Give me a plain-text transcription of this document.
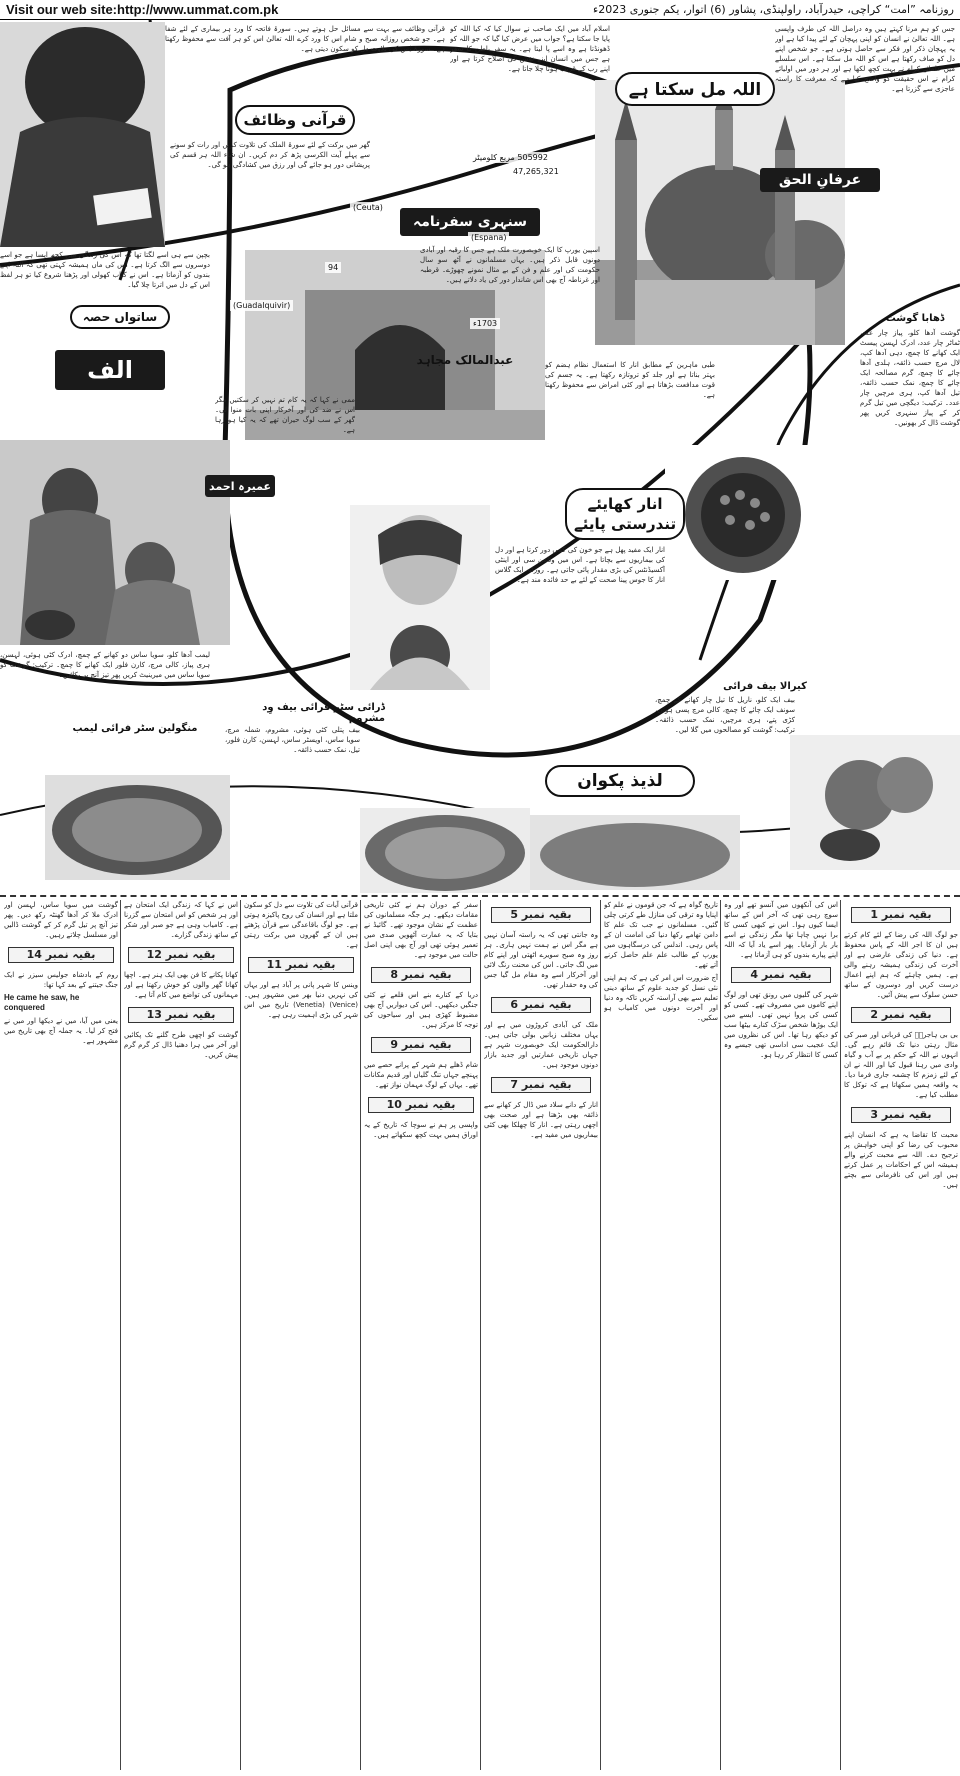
Visit our web site:http://www.ummat.com.pk	روزنامہ ”امت“ کراچی، حیدرآباد، راولپنڈی، پشاور (6) اتوار، یکم جنوری 2023ء
اللہ مل سکتا ہے
عرفانِ الحق
قرآنی وظائف
سنہری سفرنامہ
عبدالمالک مجاہد
الف
ساتواں حصہ
عمیرہ احمد
انار کھایئے
تندرستی پایئے
لذیذ پکوان
ڈھابا گوشت
کیرالا بیف فرائی
منگولین سٹر فرائی لیمب
ڈرائی سٹر فرائی بیف وِد مشروم
505992 مربع کلومیٹر
47,265,321
1703ء
94
(Ceuta)
(Espana)
(Guadalquivir)

جس کو ہم مرنا کہتے ہیں وہ دراصل اللہ کی طرف واپسی ہے۔ اللہ تعالیٰ نے انسان کو اپنی پہچان کے لئے پیدا کیا ہے اور یہ پہچان ذکر اور فکر سے حاصل ہوتی ہے۔ جو شخص اپنے دل کو صاف رکھتا ہے اس کو اللہ مل سکتا ہے۔ اس سلسلے میں علمائے کرام نے بہت کچھ لکھا ہے اور ہر دور میں اولیائے کرام نے اس حقیقت کو واضح کیا ہے کہ معرفت کا راستہ عاجزی سے گزرتا ہے۔

اسلام آباد میں ایک صاحب نے سوال کیا کہ کیا اللہ کو پایا جا سکتا ہے؟ جواب میں عرض کیا گیا کہ جو اللہ کو ڈھونڈتا ہے وہ اسے پا لیتا ہے۔ یہ سفر باطن کا سفر ہے جس میں انسان اپنے نفس کی اصلاح کرتا ہے اور اپنے رب کے قریب ہوتا چلا جاتا ہے۔

قرآنی وظائف سے بہت سے مسائل حل ہوتے ہیں۔ سورۃ فاتحہ کا ورد ہر بیماری کے لئے شفا ہے۔ جو شخص روزانہ صبح و شام اس کا ورد کرے اللہ تعالیٰ اس کو ہر آفت سے محفوظ رکھتا ہے۔ سورۃ یٰس کی تلاوت دل کو سکون دیتی ہے۔

گھر میں برکت کے لئے سورۃ الملک کی تلاوت کریں اور رات کو سونے سے پہلے آیت الکرسی پڑھ کر دم کریں۔ ان شاء اللہ ہر قسم کی پریشانی دور ہو جائے گی اور رزق میں کشادگی ہو گی۔

اسپین یورپ کا ایک خوبصورت ملک ہے جس کا رقبہ اور آبادی دونوں قابل ذکر ہیں۔ یہاں مسلمانوں نے آٹھ سو سال حکومت کی اور علم و فن کے بے مثال نمونے چھوڑے۔ قرطبہ اور غرناطہ آج بھی اس شاندار دور کی یاد دلاتے ہیں۔

بچپن سے ہی اسے لگتا تھا کہ اس کی زندگی میں کچھ ایسا ہے جو اسے دوسروں سے الگ کرتا ہے۔ اس کی ماں ہمیشہ کہتی تھی کہ اللہ اپنے بندوں کو آزماتا ہے۔ اس نے کتاب کھولی اور پڑھنا شروع کیا تو ہر لفظ اس کے دل میں اترتا چلا گیا۔

ممی نے کہا کہ یہ کام تم نہیں کر سکتیں مگر اس نے ضد کی اور آخرکار اپنی بات منوا لی۔ گھر کے سب لوگ حیران تھے کہ یہ کیا ہو رہا ہے۔

انار ایک مفید پھل ہے جو خون کی کمی دور کرتا ہے اور دل کی بیماریوں سے بچاتا ہے۔ اس میں وٹامن سی اور اینٹی آکسیڈنٹس کی بڑی مقدار پائی جاتی ہے۔ روزانہ ایک گلاس انار کا جوس پینا صحت کے لئے بے حد فائدہ مند ہے۔

طبی ماہرین کے مطابق انار کا استعمال نظام ہضم کو بہتر بناتا ہے اور جلد کو تروتازہ رکھتا ہے۔ یہ جسم کی قوت مدافعت بڑھاتا ہے اور کئی امراض سے محفوظ رکھتا ہے۔

گوشت آدھا کلو، پیاز چار عدد، ٹماٹر چار عدد، ادرک لہسن پیسٹ ایک کھانے کا چمچ، دہی آدھا کپ، لال مرچ حسب ذائقہ، ہلدی آدھا چائے کا چمچ، گرم مصالحہ ایک چائے کا چمچ، نمک حسب ذائقہ، تیل آدھا کپ، ہری مرچیں چار عدد۔ ترکیب: دیگچی میں تیل گرم کر کے پیاز سنہری کریں پھر گوشت ڈال کر بھونیں۔

بیف ایک کلو، ناریل کا تیل چار کھانے کے چمچ، سونف ایک چائے کا چمچ، کالی مرچ پسی ہوئی، کڑی پتے، ہری مرچیں، نمک حسب ذائقہ۔ ترکیب: گوشت کو مصالحوں میں گلا لیں۔

لیمب آدھا کلو، سویا ساس دو کھانے کے چمچ، ادرک کٹی ہوئی، لہسن، ہری پیاز، کالی مرچ، کارن فلور ایک کھانے کا چمچ۔ ترکیب: گوشت کو سویا ساس میں میرینیٹ کریں پھر تیز آنچ پر پکائیں۔

بیف پتلی کٹی ہوئی، مشروم، شملہ مرچ، سویا ساس، اویسٹر ساس، لہسن، کارن فلور، تیل، نمک حسب ذائقہ۔

بقیہ نمبر 1

جو لوگ اللہ کی رضا کے لئے کام کرتے ہیں ان کا اجر اللہ کے پاس محفوظ ہے۔ دنیا کی زندگی عارضی ہے اور آخرت کی زندگی ہمیشہ رہنے والی ہے۔ ہمیں چاہئے کہ ہم اپنے اعمال درست کریں اور دوسروں کے ساتھ حسن سلوک سے پیش آئیں۔

بقیہ نمبر 2

بی بی ہاجرہؑ کی قربانی اور صبر کی مثال رہتی دنیا تک قائم رہے گی۔ انہوں نے اللہ کے حکم پر بے آب و گیاہ وادی میں رہنا قبول کیا اور اللہ نے ان کے لئے زمزم کا چشمہ جاری فرما دیا۔ یہ واقعہ ہمیں سکھاتا ہے کہ توکل کا مطلب کیا ہے۔

بقیہ نمبر 3

محبت کا تقاضا یہ ہے کہ انسان اپنے محبوب کی رضا کو اپنی خواہش پر ترجیح دے۔ اللہ سے محبت کرنے والے ہمیشہ اس کے احکامات پر عمل کرتے ہیں اور اس کی نافرمانی سے بچتے ہیں۔

اس کی آنکھوں میں آنسو تھے اور وہ سوچ رہی تھی کہ آخر اس کے ساتھ ایسا کیوں ہوا۔ اس نے کبھی کسی کا برا نہیں چاہا تھا مگر زندگی نے اسے بار بار آزمایا۔ پھر اسے یاد آیا کہ اللہ اپنے پیارے بندوں کو ہی آزماتا ہے۔

بقیہ نمبر 4

شہر کی گلیوں میں رونق تھی اور لوگ اپنے کاموں میں مصروف تھے۔ کسی کو کسی کی پروا نہیں تھی۔ ایسے میں ایک بوڑھا شخص سڑک کنارے بیٹھا سب کو دیکھ رہا تھا۔ اس کی نظروں میں ایک عجیب سی اداسی تھی جیسے وہ کسی کا انتظار کر رہا ہو۔

تاریخ گواہ ہے کہ جن قوموں نے علم کو اپنایا وہ ترقی کی منازل طے کرتی چلی گئیں۔ مسلمانوں نے جب تک علم کا دامن تھامے رکھا دنیا کی امامت ان کے پاس رہی۔ اندلس کی درسگاہوں میں یورپ کے طالب علم علم حاصل کرنے آتے تھے۔

آج ضرورت اس امر کی ہے کہ ہم اپنی نئی نسل کو جدید علوم کے ساتھ دینی تعلیم سے بھی آراستہ کریں تاکہ وہ دنیا اور آخرت دونوں میں کامیاب ہو سکیں۔

بقیہ نمبر 5

وہ جانتی تھی کہ یہ راستہ آسان نہیں ہے مگر اس نے ہمت نہیں ہاری۔ ہر روز وہ صبح سویرے اٹھتی اور اپنے کام میں لگ جاتی۔ اس کی محنت رنگ لائی اور آخرکار اسے وہ مقام مل گیا جس کی وہ حقدار تھی۔

بقیہ نمبر 6

ملک کی آبادی کروڑوں میں ہے اور یہاں مختلف زبانیں بولی جاتی ہیں۔ دارالحکومت ایک خوبصورت شہر ہے جہاں تاریخی عمارتیں اور جدید بازار دونوں موجود ہیں۔

بقیہ نمبر 7

انار کے دانے سلاد میں ڈال کر کھانے سے ذائقہ بھی بڑھتا ہے اور صحت بھی اچھی رہتی ہے۔ انار کا چھلکا بھی کئی بیماریوں میں مفید ہے۔

سفر کے دوران ہم نے کئی تاریخی مقامات دیکھے۔ ہر جگہ مسلمانوں کی عظمت کے نشان موجود تھے۔ گائیڈ نے بتایا کہ یہ عمارت آٹھویں صدی میں تعمیر ہوئی تھی اور آج بھی اپنی اصل حالت میں موجود ہے۔

بقیہ نمبر 8

دریا کے کنارے بنے اس قلعے نے کئی جنگیں دیکھیں۔ اس کی دیواریں آج بھی مضبوط کھڑی ہیں اور سیاحوں کی توجہ کا مرکز ہیں۔

بقیہ نمبر 9

شام ڈھلے ہم شہر کے پرانے حصے میں پہنچے جہاں تنگ گلیاں اور قدیم مکانات تھے۔ یہاں کے لوگ مہمان نواز تھے۔

بقیہ نمبر 10

واپسی پر ہم نے سوچا کہ تاریخ کے یہ اوراق ہمیں بہت کچھ سکھاتے ہیں۔

قرآنی آیات کی تلاوت سے دل کو سکون ملتا ہے اور انسان کی روح پاکیزہ ہوتی ہے۔ جو لوگ باقاعدگی سے قرآن پڑھتے ہیں ان کے گھروں میں برکت رہتی ہے۔

بقیہ نمبر 11

وینس کا شہر پانی پر آباد ہے اور یہاں کی نہریں دنیا بھر میں مشہور ہیں۔ (Venice) (Venetia) تاریخ میں اس شہر کی بڑی اہمیت رہی ہے۔

اس نے کہا کہ زندگی ایک امتحان ہے اور ہر شخص کو اس امتحان سے گزرنا ہے۔ کامیاب وہی ہے جو صبر اور شکر کے ساتھ زندگی گزارے۔

بقیہ نمبر 12

کھانا پکانے کا فن بھی ایک ہنر ہے۔ اچھا کھانا گھر والوں کو خوش رکھتا ہے اور مہمانوں کی تواضع میں کام آتا ہے۔

بقیہ نمبر 13

گوشت کو اچھی طرح گلنے تک پکائیں اور آخر میں ہرا دھنیا ڈال کر گرم گرم پیش کریں۔

گوشت میں سویا ساس، لہسن اور ادرک ملا کر آدھا گھنٹہ رکھ دیں۔ پھر تیز آنچ پر تیل گرم کر کے گوشت ڈالیں اور مسلسل چلاتے رہیں۔

بقیہ نمبر 14

روم کے بادشاہ جولیس سیزر نے ایک جنگ جیتنے کے بعد کہا تھا:

He came he saw, he conquered

یعنی میں آیا، میں نے دیکھا اور میں نے فتح کر لیا۔ یہ جملہ آج بھی تاریخ میں مشہور ہے۔
